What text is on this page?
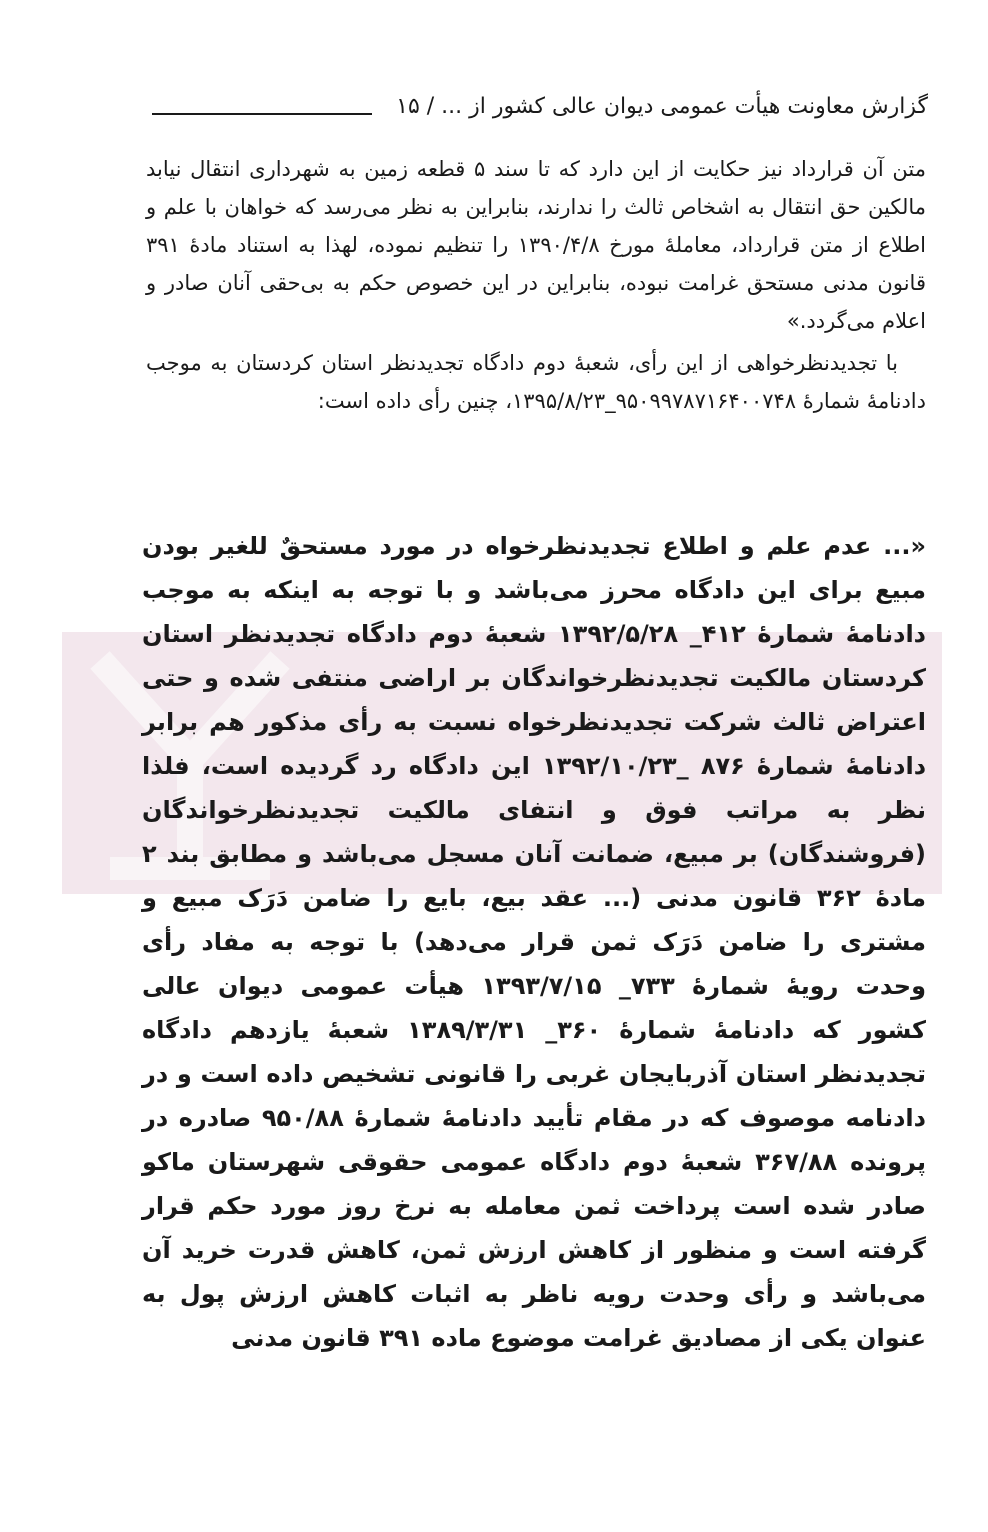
گزارش معاونت هیأت عمومی دیوان عالی کشور از ... / ۱۵

متن آن قرارداد نیز حکایت از این دارد که تا سند ۵ قطعه زمین به شهرداری انتقال نیابد مالکین حق انتقال به اشخاص ثالث را ندارند، بنابراین به نظر می‌رسد که خواهان با علم و اطلاع از متن قرارداد، معاملهٔ مورخ ۱۳۹۰/۴/۸ را تنظیم نموده، لهذا به استناد مادهٔ ۳۹۱ قانون مدنی مستحق غرامت نبوده، بنابراین در این خصوص حکم به بی‌حقی آنان صادر و اعلام می‌گردد.»

با تجدیدنظرخواهی از این رأی، شعبهٔ دوم دادگاه تجدیدنظر استان کردستان به موجب دادنامهٔ شمارهٔ ۹۵۰۹۹۷۸۷۱۶۴۰۰۷۴۸_۱۳۹۵/۸/۲۳، چنین رأی داده است:

«... عدم علم و اطلاع تجدیدنظرخواه در مورد مستحقٌ للغیر بودن مبیع برای این دادگاه محرز می‌باشد و با توجه به اینکه به موجب دادنامهٔ شمارهٔ ۴۱۲_ ۱۳۹۲/۵/۲۸ شعبهٔ دوم دادگاه تجدیدنظر استان کردستان مالکیت تجدیدنظرخواندگان بر اراضی منتفی شده و حتی اعتراض ثالث شرکت تجدیدنظرخواه نسبت به رأی مذکور هم برابر دادنامهٔ شمارهٔ ۸۷۶ _۱۳۹۲/۱۰/۲۳ این دادگاه رد گردیده است، فلذا نظر به مراتب فوق و انتفای مالکیت تجدیدنظرخواندگان (فروشندگان) بر مبیع، ضمانت آنان مسجل می‌باشد و مطابق بند ۲ مادهٔ ۳۶۲ قانون مدنی (... عقد بیع، بایع را ضامن دَرَک مبیع و مشتری را ضامن دَرَک ثمن قرار می‌دهد) با توجه به مفاد رأی وحدت رویهٔ شمارهٔ ۷۳۳_ ۱۳۹۳/۷/۱۵ هیأت عمومی دیوان عالی کشور که دادنامهٔ شمارهٔ ۳۶۰_ ۱۳۸۹/۳/۳۱ شعبهٔ یازدهم دادگاه تجدیدنظر استان آذربایجان غربی را قانونی تشخیص داده است و در دادنامه موصوف که در مقام تأیید دادنامهٔ شمارهٔ ۹۵۰/۸۸ صادره در پرونده ۳۶۷/۸۸ شعبهٔ دوم دادگاه عمومی حقوقی شهرستان ماکو صادر شده است پرداخت ثمن معامله به نرخ روز مورد حکم قرار گرفته است و منظور از کاهش ارزش ثمن، کاهش قدرت خرید آن می‌باشد و رأی وحدت رویه ناظر به اثبات کاهش ارزش پول به عنوان یکی از مصادیق غرامت موضوع ماده ۳۹۱ قانون مدنی
